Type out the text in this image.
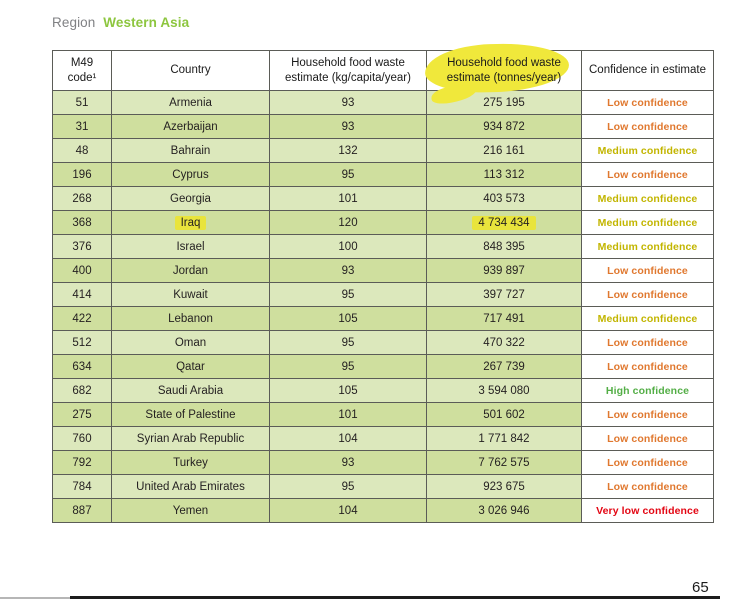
Region Western Asia
M49 code¹	Country	Household food waste estimate (kg/capita/year)	Household food waste estimate (tonnes/year)	Confidence in estimate
51	Armenia	93	275 195	Low confidence
31	Azerbaijan	93	934 872	Low confidence
48	Bahrain	132	216 161	Medium confidence
196	Cyprus	95	113 312	Low confidence
268	Georgia	101	403 573	Medium confidence
368	Iraq	120	4 734 434	Medium confidence
376	Israel	100	848 395	Medium confidence
400	Jordan	93	939 897	Low confidence
414	Kuwait	95	397 727	Low confidence
422	Lebanon	105	717 491	Medium confidence
512	Oman	95	470 322	Low confidence
634	Qatar	95	267 739	Low confidence
682	Saudi Arabia	105	3 594 080	High confidence
275	State of Palestine	101	501 602	Low confidence
760	Syrian Arab Republic	104	1 771 842	Low confidence
792	Turkey	93	7 762 575	Low confidence
784	United Arab Emirates	95	923 675	Low confidence
887	Yemen	104	3 026 946	Very low confidence
65
